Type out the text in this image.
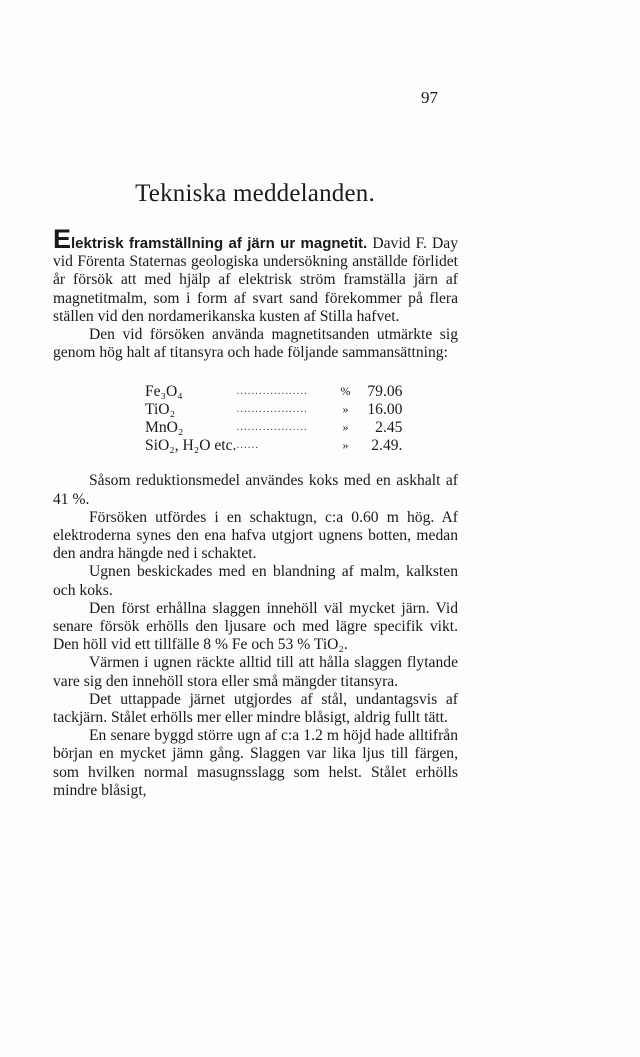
97
Tekniska meddelanden.

Elektrisk framställning af järn ur magnetit. David F. Day vid Förenta Staternas geologiska undersökning anställde förlidet år försök att med hjälp af elektrisk ström framställa järn af magnetitmalm, som i form af svart sand förekommer på flera ställen vid den nordamerikanska kusten af Stilla hafvet.

Den vid försöken använda magnetitsanden utmärkte sig genom hög halt af titansyra och hade följande sammansättning:

Fe₃O₄	...................	%	79.06
TiO₂	...................	»	16.00
MnO₂	...................	»	2.45
SiO₂, H₂O etc.	......	»	2.49.

Såsom reduktionsmedel användes koks med en askhalt af 41 %.

Försöken utfördes i en schaktugn, c:a 0.60 m hög. Af elektroderna synes den ena hafva utgjort ugnens botten, medan den andra hängde ned i schaktet.

Ugnen beskickades med en blandning af malm, kalksten och koks.

Den först erhållna slaggen innehöll väl mycket järn. Vid senare försök erhölls den ljusare och med lägre specifik vikt. Den höll vid ett tillfälle 8 % Fe och 53 % TiO₂.

Värmen i ugnen räckte alltid till att hålla slaggen flytande vare sig den innehöll stora eller små mängder titansyra.

Det uttappade järnet utgjordes af stål, undantagsvis af tackjärn. Stålet erhölls mer eller mindre blåsigt, aldrig fullt tätt.

En senare byggd större ugn af c:a 1.2 m höjd hade alltifrån början en mycket jämn gång. Slaggen var lika ljus till färgen, som hvilken normal masugnsslagg som helst. Stålet erhölls mindre blåsigt,
